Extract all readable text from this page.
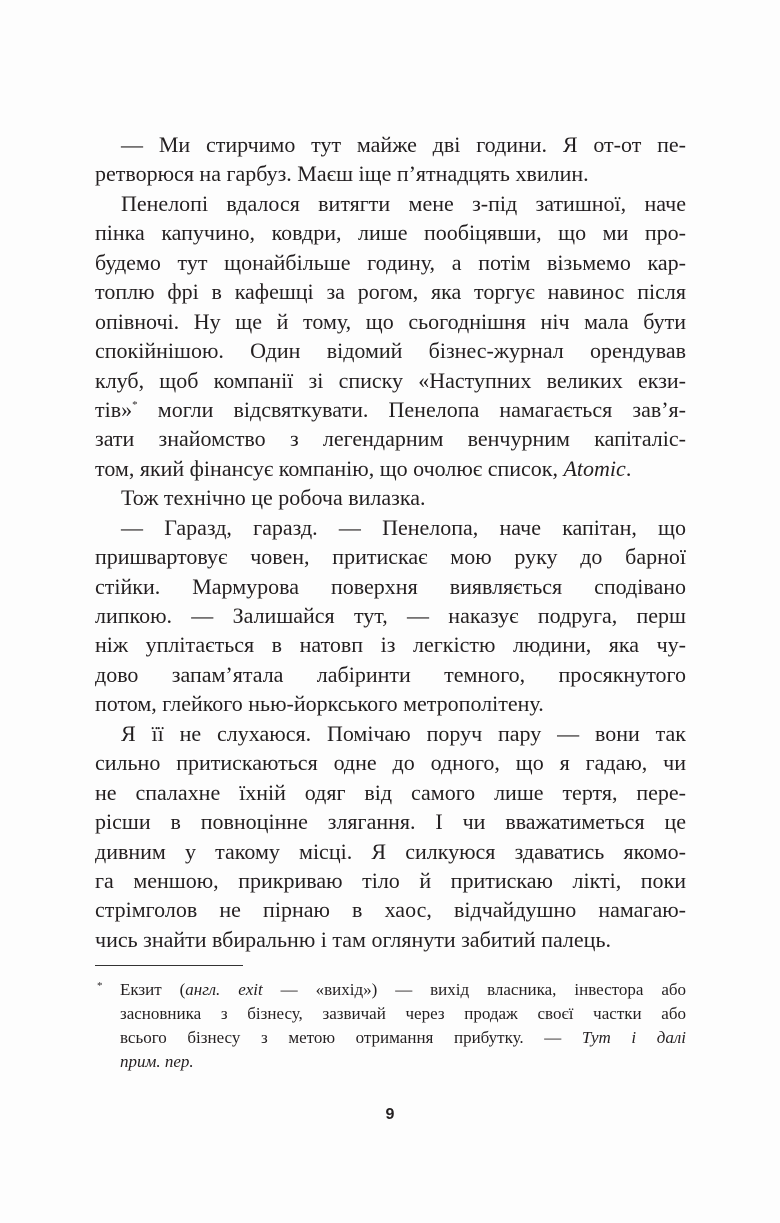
— Ми стирчимо тут майже дві години. Я от-от пе-
ретворюся на гарбуз. Маєш іще п’ятнадцять хвилин.
Пенелопі вдалося витягти мене з-під затишної, наче
пінка капучино, ковдри, лише пообіцявши, що ми про-
будемо тут щонайбільше годину, а потім візьмемо кар-
топлю фрі в кафешці за рогом, яка торгує навинос після
опівночі. Ну ще й тому, що сьогоднішня ніч мала бути
спокійнішою. Один відомий бізнес-журнал орендував
клуб, щоб компанії зі списку «Наступних великих екзи-
тів»* могли відсвяткувати. Пенелопа намагається зав’я-
зати знайомство з легендарним венчурним капіталіс-
том, який фінансує компанію, що очолює список, Atomic.
Тож технічно це робоча вилазка.
— Гаразд, гаразд. — Пенелопа, наче капітан, що
пришвартовує човен, притискає мою руку до барної
стійки. Мармурова поверхня виявляється сподівано
липкою. — Залишайся тут, — наказує подруга, перш
ніж уплітається в натовп із легкістю людини, яка чу-
дово запам’ятала лабіринти темного, просякнутого
потом, глейкого нью-йоркського метрополітену.
Я її не слухаюся. Помічаю поруч пару — вони так
сильно притискаються одне до одного, що я гадаю, чи
не спалахне їхній одяг від самого лише тертя, пере-
рісши в повноцінне злягання. І чи вважатиметься це
дивним у такому місці. Я силкуюся здаватись якомо-
га меншою, прикриваю тіло й притискаю лікті, поки
стрімголов не пірнаю в хаос, відчайдушно намагаю-
чись знайти вбиральню і там оглянути забитий палець.
* Екзит (англ. exit — «вихід») — вихід власника, інвестора або
засновника з бізнесу, зазвичай через продаж своєї частки або
всього бізнесу з метою отримання прибутку. — Тут і далі
прим. пер.
9
